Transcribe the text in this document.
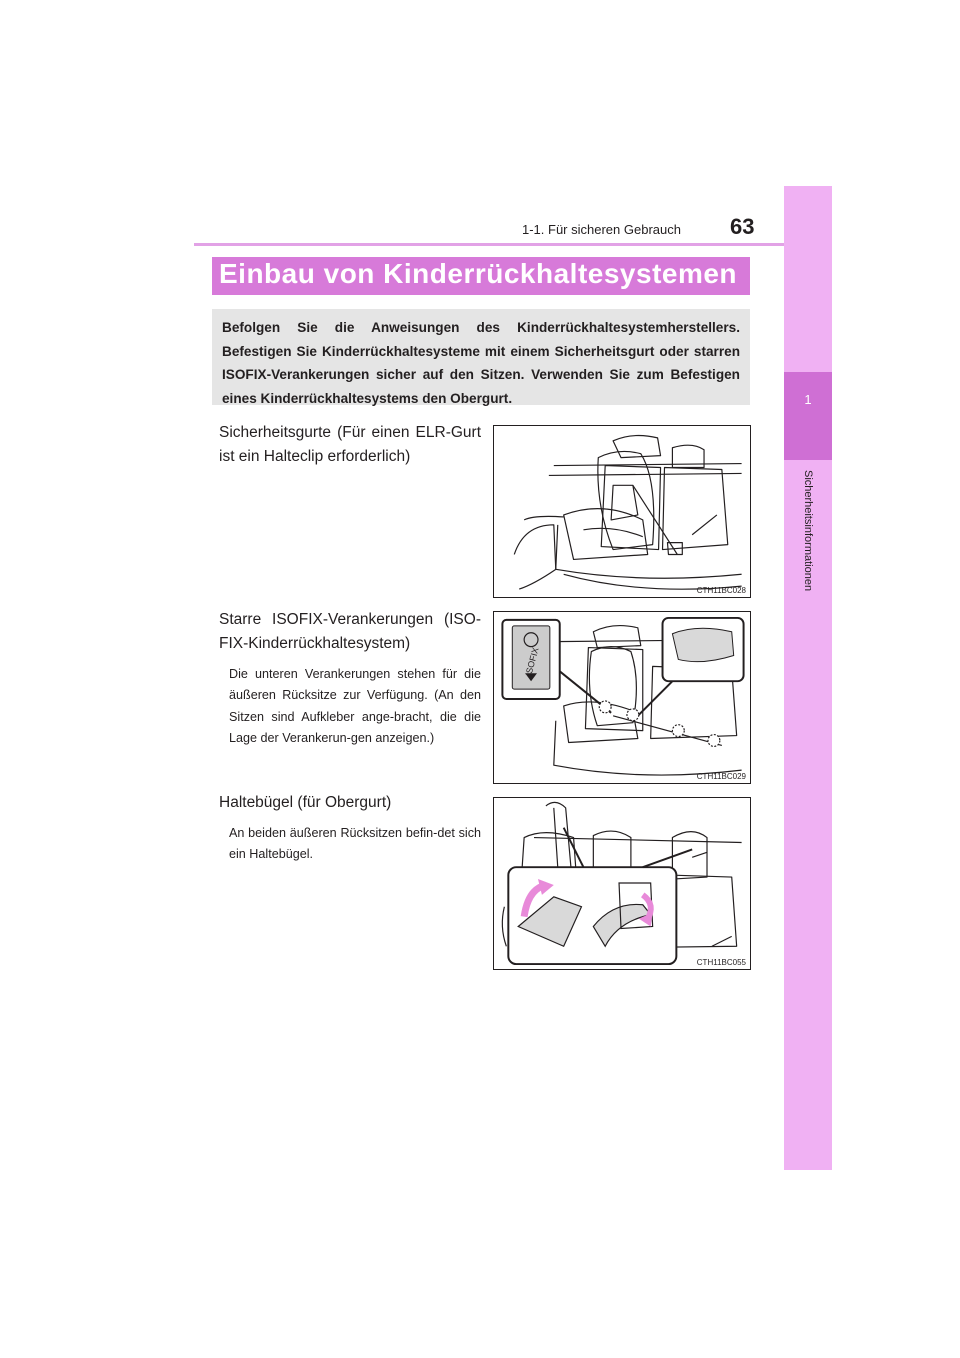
63
1-1. Für sicheren Gebrauch
1
Sicherheitsinformationen
Einbau von Kinderrückhaltesystemen
Befolgen Sie die Anweisungen des Kinderrückhaltesystemherstellers. Befestigen Sie Kinderrückhaltesysteme mit einem Sicherheitsgurt oder starren ISOFIX-Verankerungen sicher auf den Sitzen. Verwenden Sie zum Befestigen eines Kinderrückhaltesystems den Obergurt.
Sicherheitsgurte (Für einen ELR-Gurt ist ein Halteclip erforderlich)
CTH11BC028
Starre ISOFIX-Verankerungen (ISO-FIX-Kinderrückhaltesystem)
Die unteren Verankerungen stehen für die äußeren Rücksitze zur Verfügung. (An den Sitzen sind Aufkleber ange-bracht, die die Lage der Verankerun-gen anzeigen.)
ISOFIX
CTH11BC029
Haltebügel (für Obergurt)
An beiden äußeren Rücksitzen befin-det sich ein Haltebügel.
CTH11BC055
